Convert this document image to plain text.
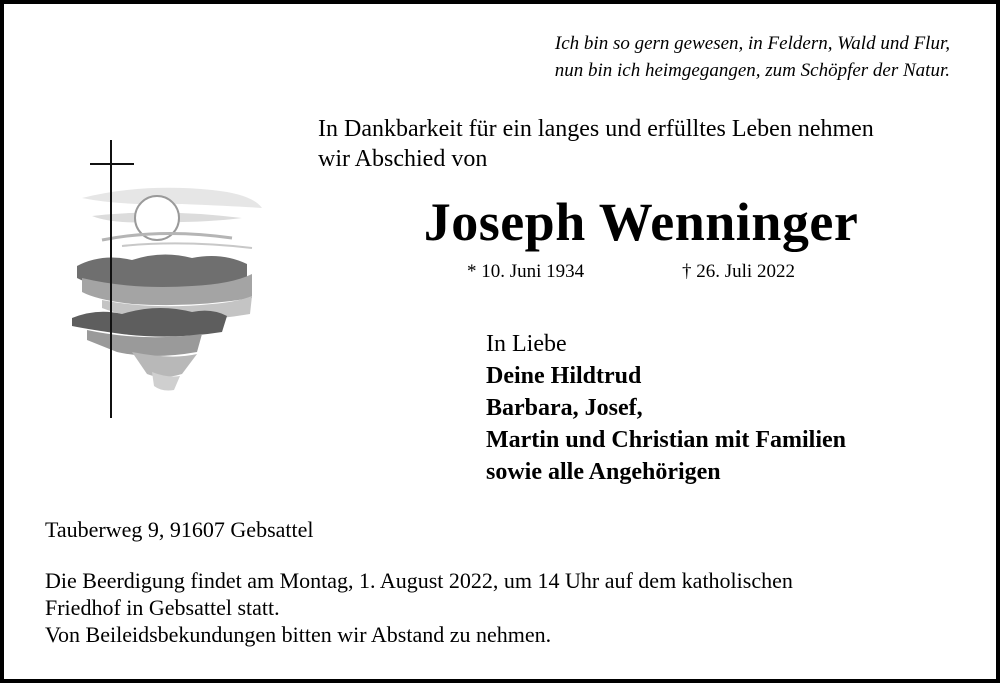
Ich bin so gern gewesen, in Feldern, Wald und Flur,
nun bin ich heimgegangen, zum Schöpfer der Natur.
In Dankbarkeit für ein langes und erfülltes Leben nehmen
wir Abschied von
Joseph Wenninger
* 10. Juni 1934	† 26. Juli 2022
In Liebe
Deine Hildtrud
Barbara, Josef,
Martin und Christian mit Familien
sowie alle Angehörigen
Tauberweg 9, 91607 Gebsattel
Die Beerdigung findet am Montag, 1. August 2022, um 14 Uhr auf dem katholischen
Friedhof in Gebsattel statt.
Von Beileidsbekundungen bitten wir Abstand zu nehmen.
